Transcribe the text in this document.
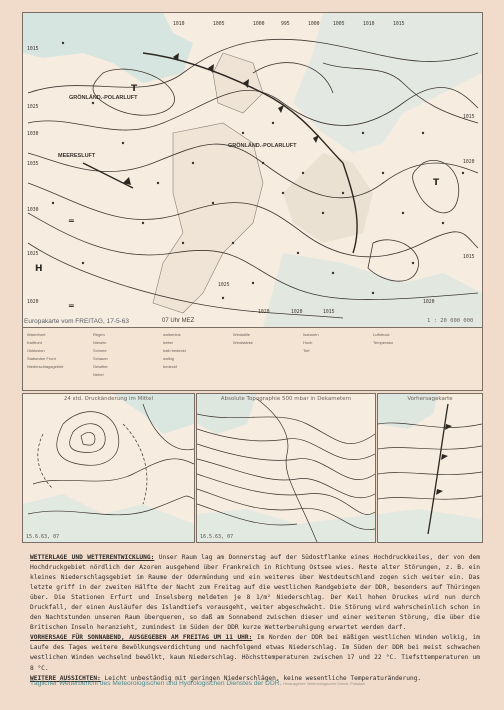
H
T
T
=
=
1015
1010	1005	1000	995	1000	1005	1010	1015
1025
1030
1035
1030
1025
1020
1015
1020
1015
1025
1020	1020	1015
1020
GRÖNLÄND.-POLARLUFT
MEERESLUFT
GRÖNLÄND.-POLARLUFT
Europakarte vom FREITAG, 17-5-63	07 Uhr MEZ	1 : 20 000 000
Warmfront
Kaltfront
Okklusion
Stationäre Front
Niederschlagsgebiet
Regen
Nieseln
Schnee
Schauer
Gewitter
Nebel
wolkenlos
heiter
halb bedeckt
wolkig
bedeckt
Windstille
Windstärke
Isobaren
Hoch
Tief
Luftdruck
Temperatur
24 std. Druckänderung im Mittel
15.6.63, 07
Absolute Topographie 500 mbar in Dekametern
16.5.63, 07
Vorhersagekarte

WETTERLAGE UND WETTERENTWICKLUNG: Unser Raum lag am Donnerstag auf der Südostflanke eines Hochdruckkeiles, der von dem Hochdruckgebiet nördlich der Azoren ausgehend über Frankreich in Richtung Ostsee wies. Reste alter Störungen, z. B. ein kleines Niederschlagsgebiet im Raume der Odermündung und ein weiteres über Westdeutschland zogen sich weiter ein. Das letzte griff in der zweiten Hälfte der Nacht zum Freitag auf die westlichen Randgebiete der DDR, besonders auf Thüringen über. Die Stationen Erfurt und Inselsberg meldeten je 8 1/m² Niederschlag. Der Keil hohen Druckes wird nun durch Druckfall, der einen Ausläufer des Islandtiefs vorausgeht, weiter abgeschwächt. Die Störung wird wahrscheinlich schon in den Nachtstunden unseren Raum überqueren, so daß am Sonnabend zwischen dieser und einer weiteren Störung, die über die Britischen Inseln heranzieht, zumindest im Süden der DDR kurze Wetterberuhigung erwartet werden darf.

VORHERSAGE FÜR SONNABEND, AUSGEGEBEN AM FREITAG UM 11 UHR: Im Norden der DDR bei mäßigen westlichen Winden wolkig, im Laufe des Tages weitere Bewölkungsverdichtung und nachfolgend etwas Niederschlag. Im Süden der DDR bei meist schwachen westlichen Winden wechselnd bewölkt, kaum Niederschlag. Höchsttemperaturen zwischen 17 und 22 °C. Tiefsttemperaturen um 8 °C.

WEITERE AUSSICHTEN: Leicht unbeständig mit geringen Niederschlägen, keine wesentliche Temperaturänderung.

Täglicher Wetterbericht des Meteorologischen und Hydrologischen Dienstes der DDR. Herausgeber: Meteorologischer Dienst, Potsdam
